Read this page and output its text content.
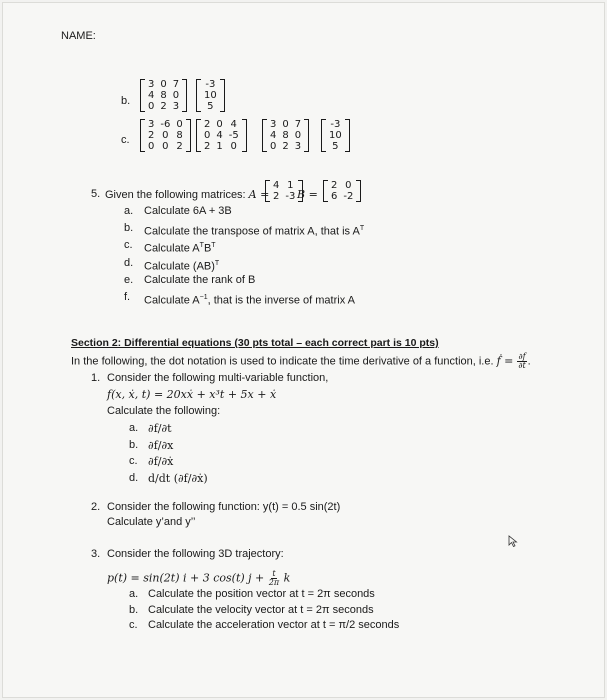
NAME:
b.
3
4
0
0
8
2
7
0
3
-3
10
5
c.
3
2
0
-6
0
0
0
8
2
2
0
2
0
4
1
4
-5
0
3
4
0
0
8
2
7
0
3
-3
10
5
5. Given the following matrices: A =
4
2
1
-3 B =
2
6
0
-2
a. Calculate 6A + 3B
b. Calculate the transpose of matrix A, that is $A^T$
c. Calculate $A^TB^T$
d. Calculate (AB)$^T$
e. Calculate the rank of B
f. Calculate $A^{-1}$, that is the inverse of matrix A
Section 2: Differential equations (30 pts total – each correct part is 10 pts)
In the following, the dot notation is used to indicate the time derivative of a function, i.e. ḟ = $\frac{\partial f}{\partial t}$ .
1. Consider the following multi-variable function,
f(x, ẋ, t) = 20xẋ + x³t + 5x + ẋ
Calculate the following:
a. ∂f/∂t
b. ∂f/∂x
c. ∂f/∂ẋ
d. d/dt (∂f/∂ẋ)
2. Consider the following function: y(t) = 0.5 sin(2t)
Calculate y’and y’’
3. Consider the following 3D trajectory:
p(t) = sin(2t) i + 3 cos(t) $j + \frac{t}{2\pi}$ k
a. Calculate the position vector at t = 2π seconds
b. Calculate the velocity vector at t = 2π seconds
c. Calculate the acceleration vector at t = π/2 seconds
